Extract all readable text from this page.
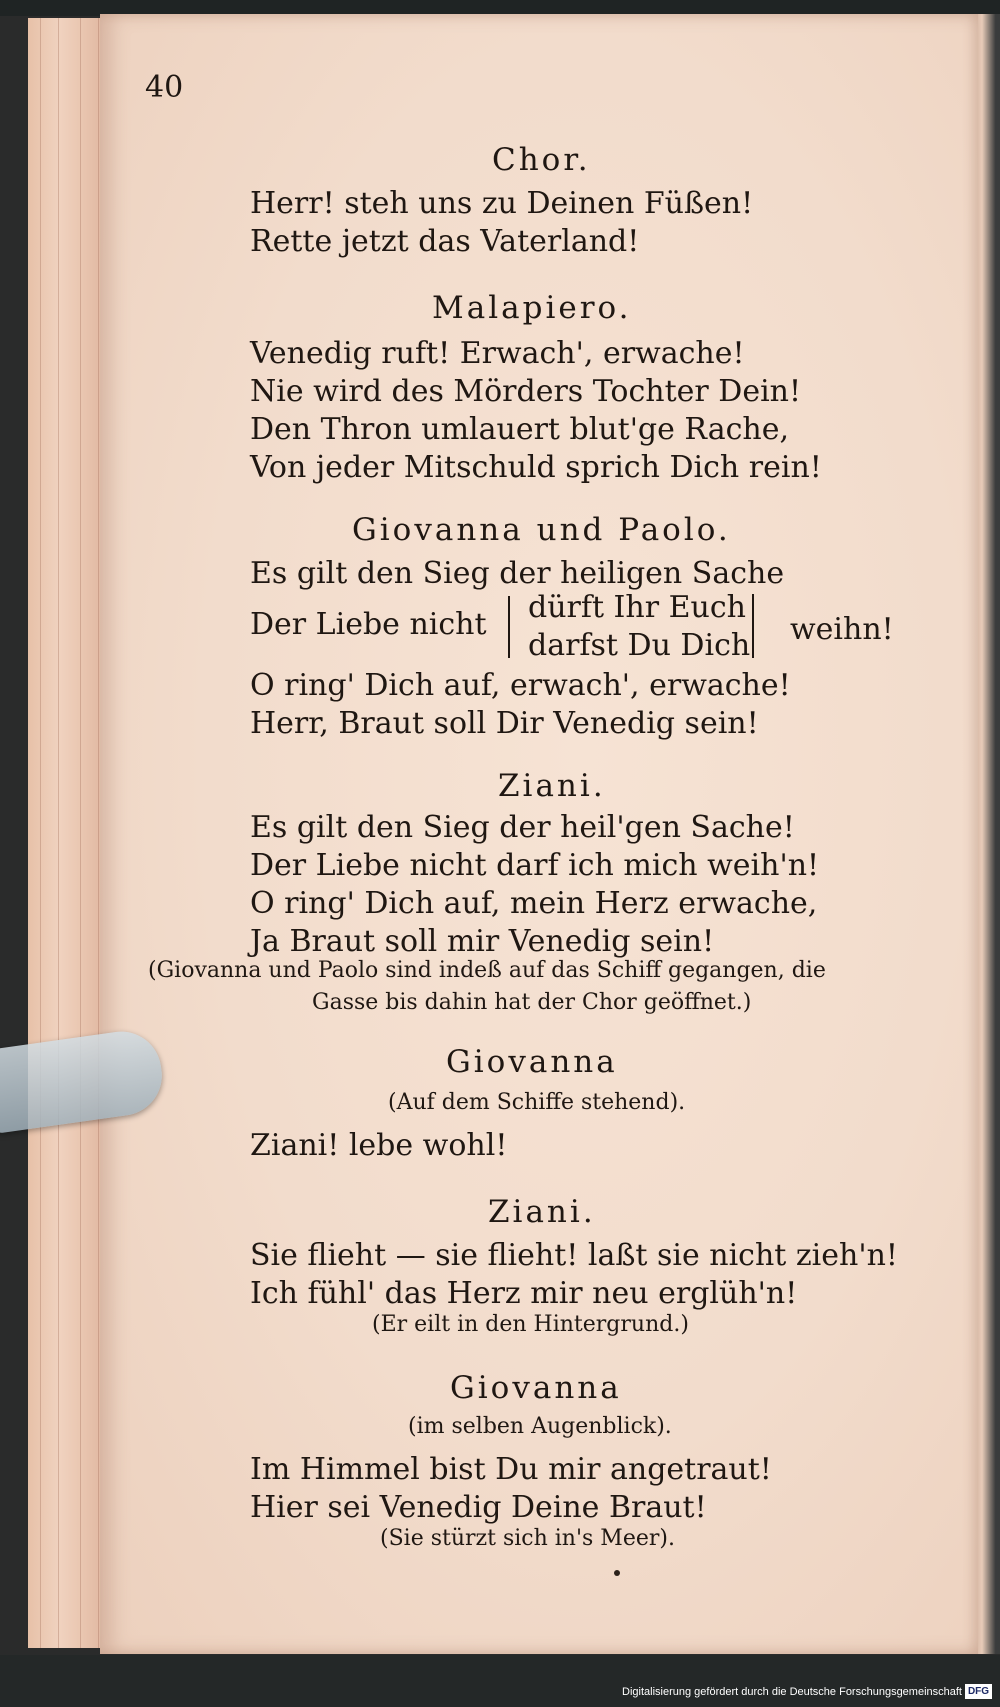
40
Chor.
Herr! steh uns zu Deinen Füßen!
Rette jetzt das Vaterland!
Malapiero.
Venedig ruft! Erwach', erwache!
Nie wird des Mörders Tochter Dein!
Den Thron umlauert blut'ge Rache,
Von jeder Mitschuld sprich Dich rein!
Giovanna und Paolo.
Es gilt den Sieg der heiligen Sache
Der Liebe nicht dürft Ihr Euch
darfst Du Dich weihn!
O ring' Dich auf, erwach', erwache!
Herr, Braut soll Dir Venedig sein!
Ziani.
Es gilt den Sieg der heil'gen Sache!
Der Liebe nicht darf ich mich weih'n!
O ring' Dich auf, mein Herz erwache,
Ja Braut soll mir Venedig sein!
(Giovanna und Paolo sind indeß auf das Schiff gegangen, die
Gasse bis dahin hat der Chor geöffnet.)
Giovanna
(Auf dem Schiffe stehend).
Ziani! lebe wohl!
Ziani.
Sie flieht — sie flieht! laßt sie nicht zieh'n!
Ich fühl' das Herz mir neu erglüh'n!
(Er eilt in den Hintergrund.)
Giovanna
(im selben Augenblick).
Im Himmel bist Du mir angetraut!
Hier sei Venedig Deine Braut!
(Sie stürzt sich in's Meer).
Digitalisierung gefördert durch die Deutsche Forschungsgemeinschaft DFG
